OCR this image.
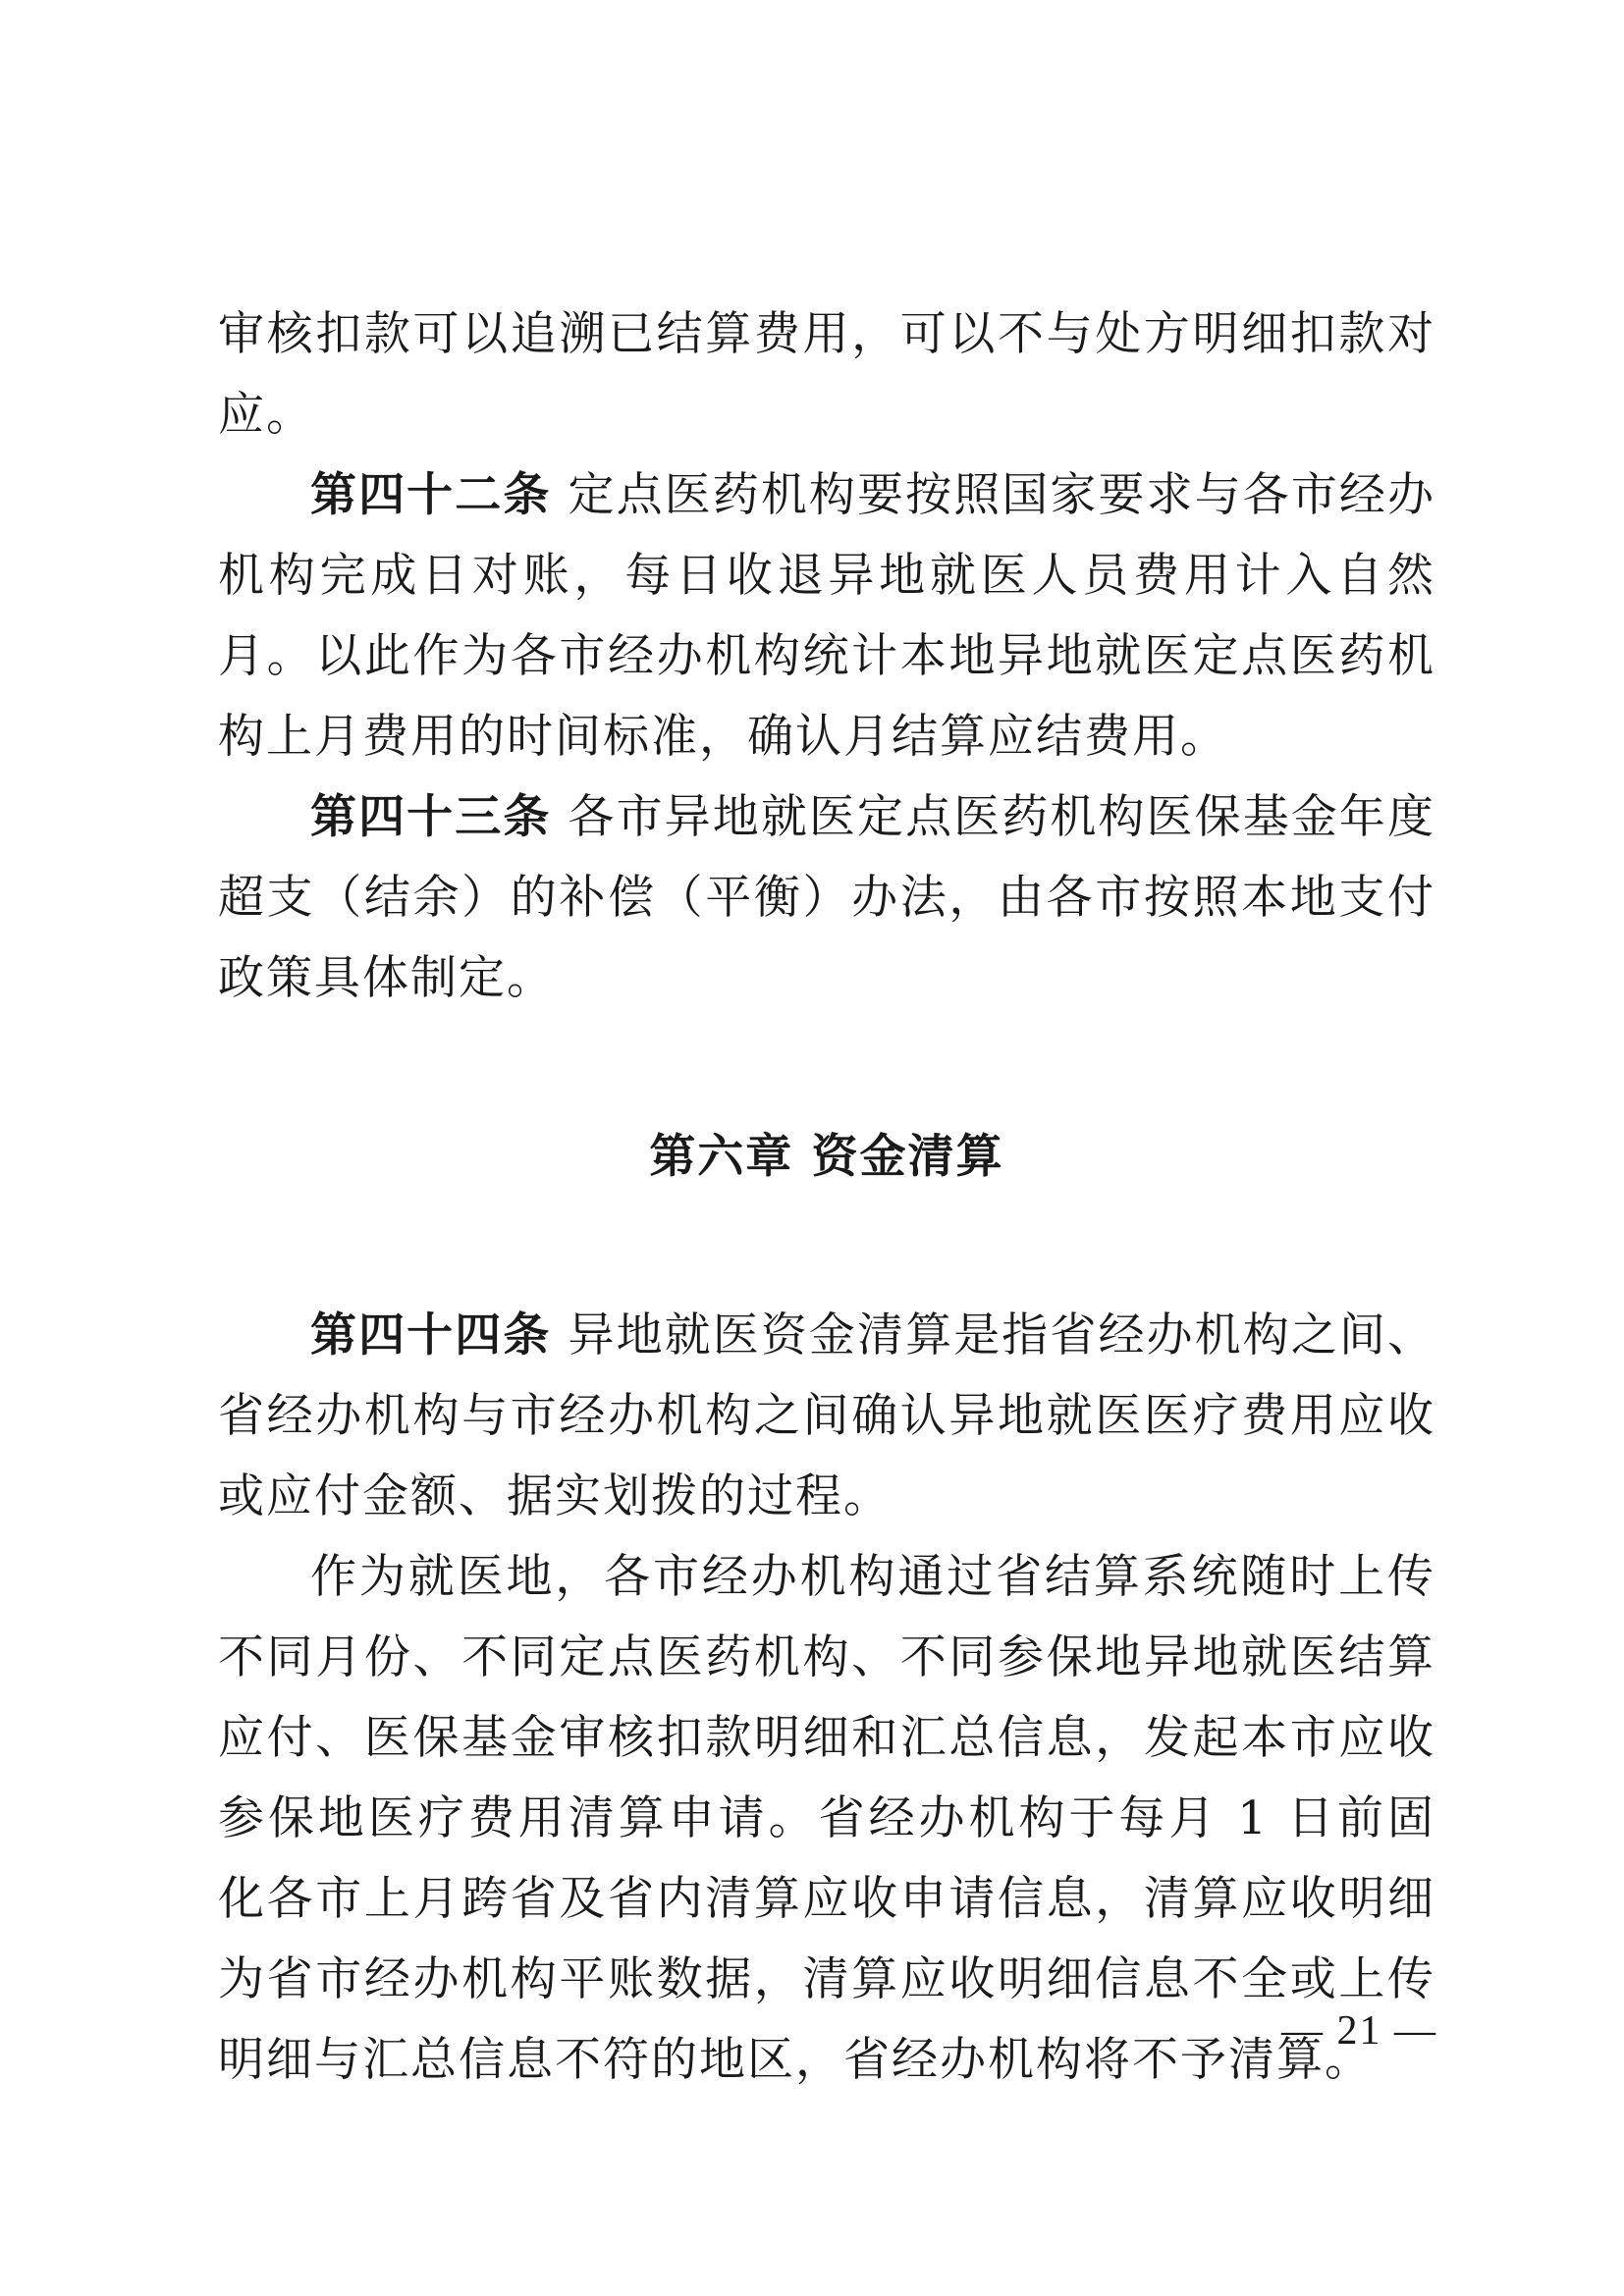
审核扣款可以追溯已结算费用，可以不与处方明细扣款对应。

第四十二条 定点医药机构要按照国家要求与各市经办机构完成日对账，每日收退异地就医人员费用计入自然月。以此作为各市经办机构统计本地异地就医定点医药机构上月费用的时间标准，确认月结算应结费用。

第四十三条 各市异地就医定点医药机构医保基金年度超支（结余）的补偿（平衡）办法，由各市按照本地支付政策具体制定。

第六章 资金清算

第四十四条 异地就医资金清算是指省经办机构之间、省经办机构与市经办机构之间确认异地就医医疗费用应收或应付金额、据实划拨的过程。

作为就医地，各市经办机构通过省结算系统随时上传不同月份、不同定点医药机构、不同参保地异地就医结算应付、医保基金审核扣款明细和汇总信息，发起本市应收参保地医疗费用清算申请。省经办机构于每月 1 日前固化各市上月跨省及省内清算应收申请信息，清算应收明细为省市经办机构平账数据，清算应收明细信息不全或上传明细与汇总信息不符的地区，省经办机构将不予清算。

— 21 —
